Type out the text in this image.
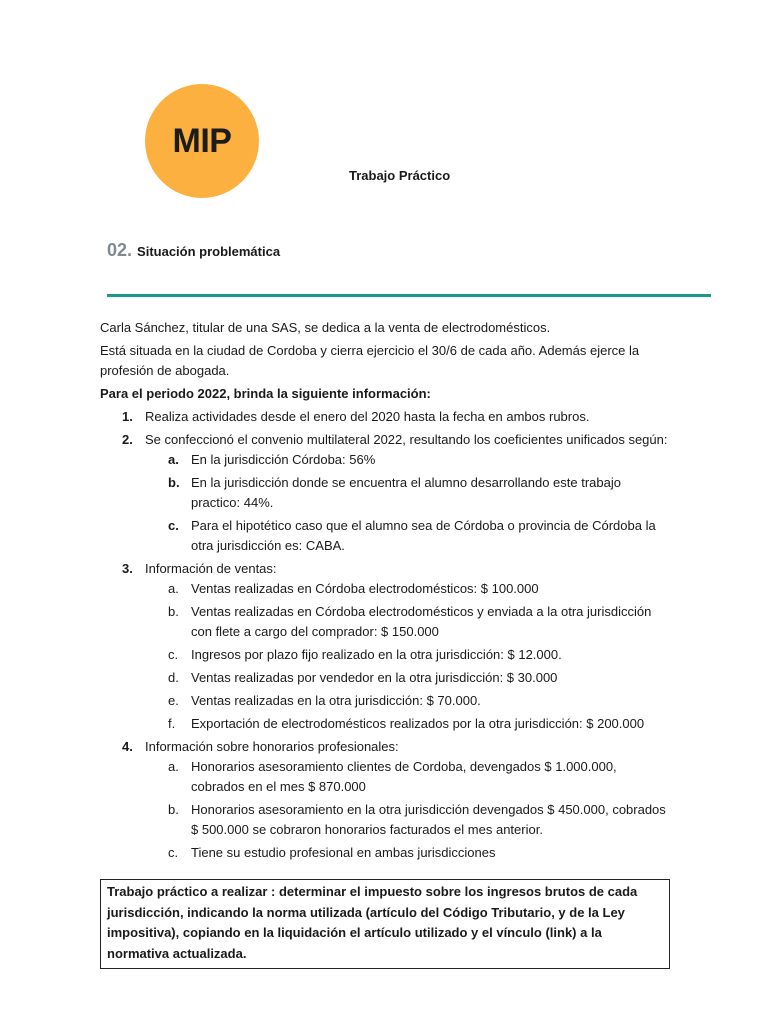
MIP
Trabajo Práctico
02. Situación problemática

Carla Sánchez, titular de una SAS, se dedica a la venta de electrodomésticos.

Está situada en la ciudad de Cordoba y cierra ejercicio el 30/6 de cada año. Además ejerce la profesión de abogada.

Para el periodo 2022, brinda la siguiente información:

1. Realiza actividades desde el enero del 2020 hasta la fecha en ambos rubros.
2. Se confeccionó el convenio multilateral 2022, resultando los coeficientes unificados según:
a. En la jurisdicción Córdoba: 56%
b. En la jurisdicción donde se encuentra el alumno desarrollando este trabajo practico: 44%.
c. Para el hipotético caso que el alumno sea de Córdoba o provincia de Córdoba la otra jurisdicción es: CABA.
3. Información de ventas:
a. Ventas realizadas en Córdoba electrodomésticos: $ 100.000
b. Ventas realizadas en Córdoba electrodomésticos y enviada a la otra jurisdicción con flete a cargo del comprador: $ 150.000
c. Ingresos por plazo fijo realizado en la otra jurisdicción: $ 12.000.
d. Ventas realizadas por vendedor en la otra jurisdicción: $ 30.000
e. Ventas realizadas en la otra jurisdicción: $ 70.000.
f. Exportación de electrodomésticos realizados por la otra jurisdicción: $ 200.000
4. Información sobre honorarios profesionales:
a. Honorarios asesoramiento clientes de Cordoba, devengados $ 1.000.000, cobrados en el mes $ 870.000
b. Honorarios asesoramiento en la otra jurisdicción devengados $ 450.000, cobrados $ 500.000 se cobraron honorarios facturados el mes anterior.
c. Tiene su estudio profesional en ambas jurisdicciones
Trabajo práctico a realizar : determinar el impuesto sobre los ingresos brutos de cada jurisdicción, indicando la norma utilizada (artículo del Código Tributario, y de la Ley impositiva), copiando en la liquidación el artículo utilizado y el vínculo (link) a la normativa actualizada.
